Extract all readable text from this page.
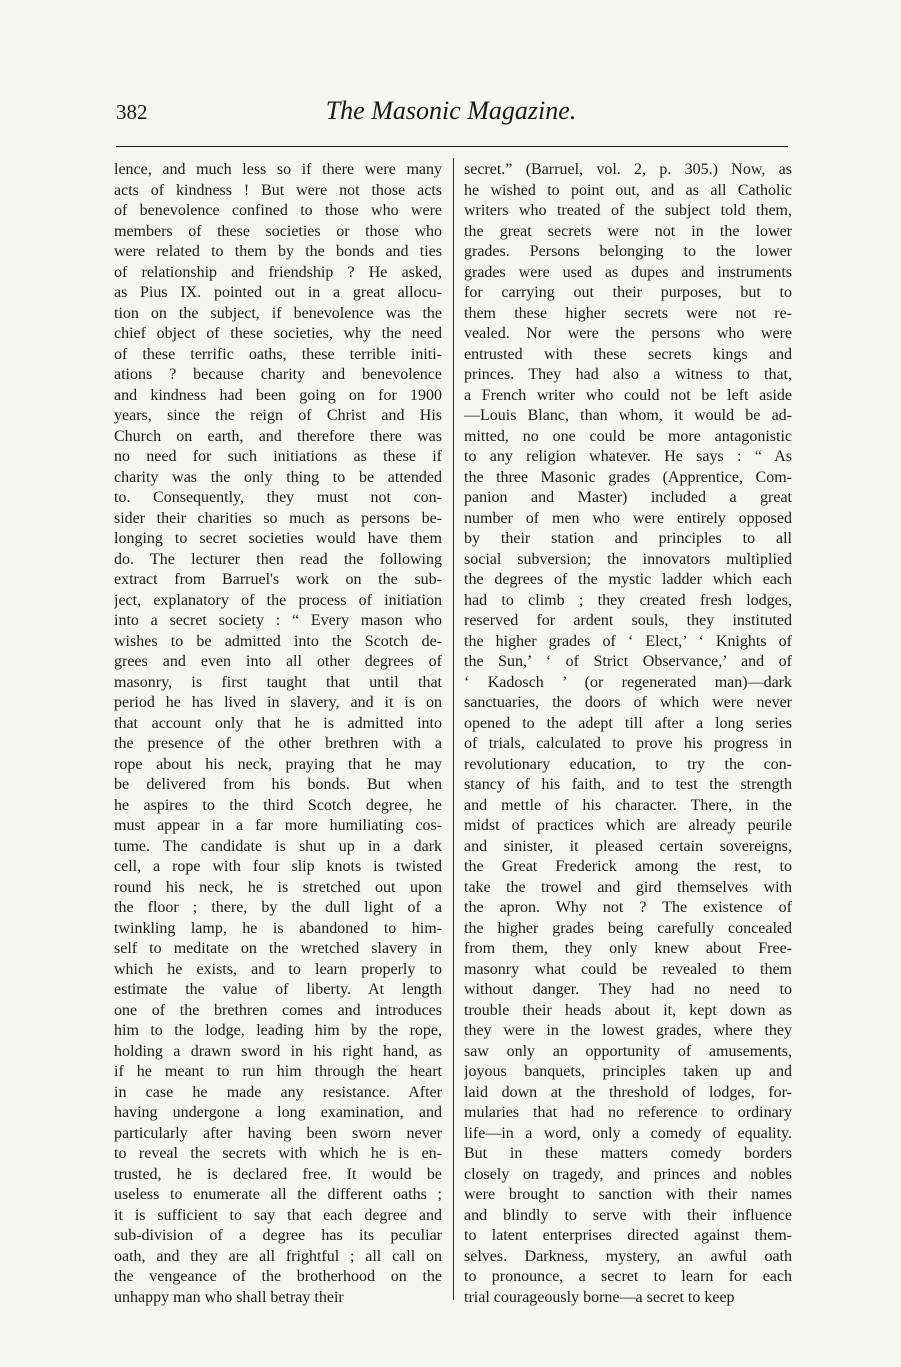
382	The Masonic Magazine.
lence, and much less so if there were many
acts of kindness ! But were not those acts
of benevolence confined to those who were
members of these societies or those who
were related to them by the bonds and ties
of relationship and friendship ? He asked,
as Pius IX. pointed out in a great allocu-
tion on the subject, if benevolence was the
chief object of these societies, why the need
of these terrific oaths, these terrible initi-
ations ? because charity and benevolence
and kindness had been going on for 1900
years, since the reign of Christ and His
Church on earth, and therefore there was
no need for such initiations as these if
charity was the only thing to be attended
to. Consequently, they must not con-
sider their charities so much as persons be-
longing to secret societies would have them
do. The lecturer then read the following
extract from Barruel's work on the sub-
ject, explanatory of the process of initiation
into a secret society : “ Every mason who
wishes to be admitted into the Scotch de-
grees and even into all other degrees of
masonry, is first taught that until that
period he has lived in slavery, and it is on
that account only that he is admitted into
the presence of the other brethren with a
rope about his neck, praying that he may
be delivered from his bonds. But when
he aspires to the third Scotch degree, he
must appear in a far more humiliating cos-
tume. The candidate is shut up in a dark
cell, a rope with four slip knots is twisted
round his neck, he is stretched out upon
the floor ; there, by the dull light of a
twinkling lamp, he is abandoned to him-
self to meditate on the wretched slavery in
which he exists, and to learn properly to
estimate the value of liberty. At length
one of the brethren comes and introduces
him to the lodge, leading him by the rope,
holding a drawn sword in his right hand, as
if he meant to run him through the heart
in case he made any resistance. After
having undergone a long examination, and
particularly after having been sworn never
to reveal the secrets with which he is en-
trusted, he is declared free. It would be
useless to enumerate all the different oaths ;
it is sufficient to say that each degree and
sub-division of a degree has its peculiar
oath, and they are all frightful ; all call on
the vengeance of the brotherhood on the
unhappy man who shall betray their
secret.” (Barruel, vol. 2, p. 305.) Now, as
he wished to point out, and as all Catholic
writers who treated of the subject told them,
the great secrets were not in the lower
grades. Persons belonging to the lower
grades were used as dupes and instruments
for carrying out their purposes, but to
them these higher secrets were not re-
vealed. Nor were the persons who were
entrusted with these secrets kings and
princes. They had also a witness to that,
a French writer who could not be left aside
—Louis Blanc, than whom, it would be ad-
mitted, no one could be more antagonistic
to any religion whatever. He says : “ As
the three Masonic grades (Apprentice, Com-
panion and Master) included a great
number of men who were entirely opposed
by their station and principles to all
social subversion; the innovators multiplied
the degrees of the mystic ladder which each
had to climb ; they created fresh lodges,
reserved for ardent souls, they instituted
the higher grades of ‘ Elect,’ ‘ Knights of
the Sun,’ ‘ of Strict Observance,’ and of
‘ Kadosch ’ (or regenerated man)—dark
sanctuaries, the doors of which were never
opened to the adept till after a long series
of trials, calculated to prove his progress in
revolutionary education, to try the con-
stancy of his faith, and to test the strength
and mettle of his character. There, in the
midst of practices which are already peurile
and sinister, it pleased certain sovereigns,
the Great Frederick among the rest, to
take the trowel and gird themselves with
the apron. Why not ? The existence of
the higher grades being carefully concealed
from them, they only knew about Free-
masonry what could be revealed to them
without danger. They had no need to
trouble their heads about it, kept down as
they were in the lowest grades, where they
saw only an opportunity of amusements,
joyous banquets, principles taken up and
laid down at the threshold of lodges, for-
mularies that had no reference to ordinary
life—in a word, only a comedy of equality.
But in these matters comedy borders
closely on tragedy, and princes and nobles
were brought to sanction with their names
and blindly to serve with their influence
to latent enterprises directed against them-
selves. Darkness, mystery, an awful oath
to pronounce, a secret to learn for each
trial courageously borne—a secret to keep
